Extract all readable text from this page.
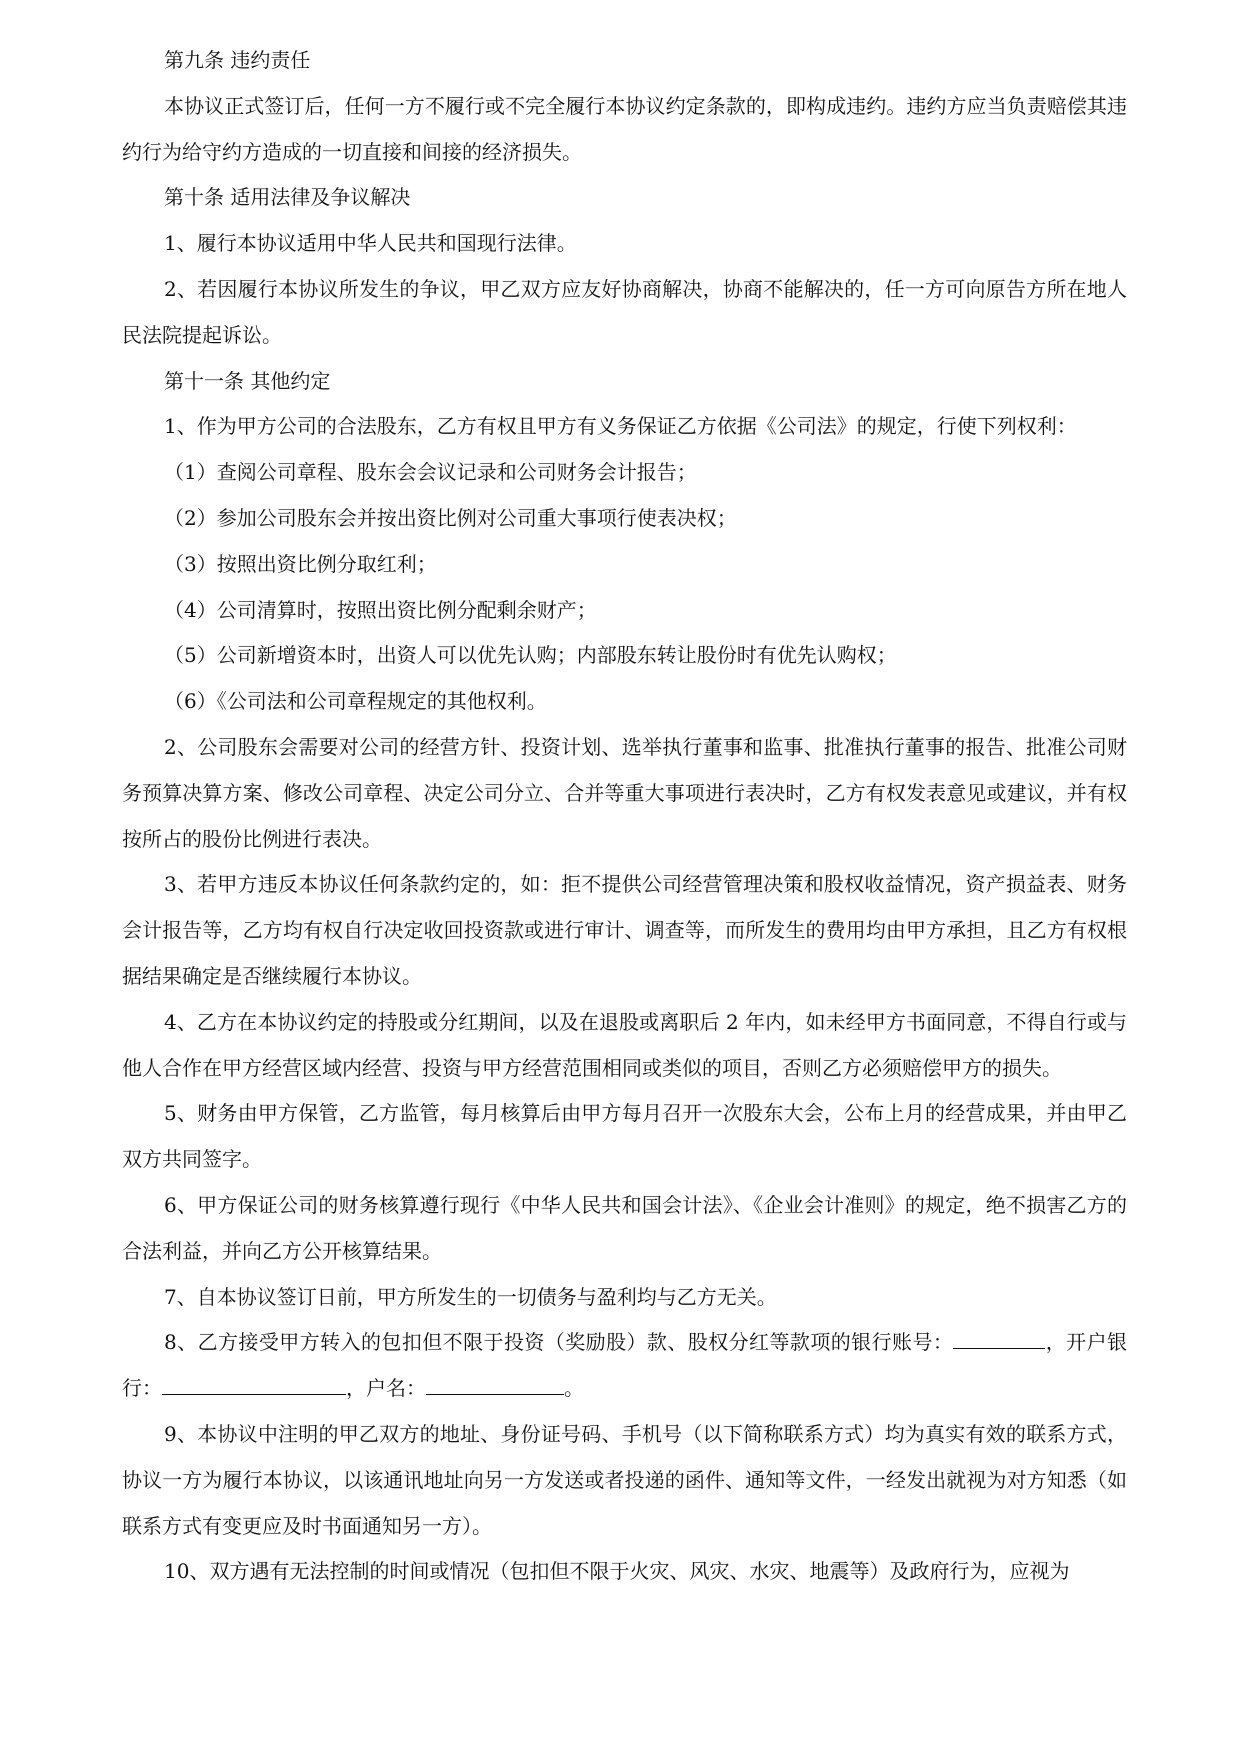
第九条 违约责任

本协议正式签订后，任何一方不履行或不完全履行本协议约定条款的，即构成违约。违约方应当负责赔偿其违约行为给守约方造成的一切直接和间接的经济损失。

第十条 适用法律及争议解决

1、履行本协议适用中华人民共和国现行法律。

2、若因履行本协议所发生的争议，甲乙双方应友好协商解决，协商不能解决的，任一方可向原告方所在地人民法院提起诉讼。

第十一条 其他约定

1、作为甲方公司的合法股东，乙方有权且甲方有义务保证乙方依据《公司法》的规定，行使下列权利：

（1）查阅公司章程、股东会会议记录和公司财务会计报告；

（2）参加公司股东会并按出资比例对公司重大事项行使表决权；

（3）按照出资比例分取红利；

（4）公司清算时，按照出资比例分配剩余财产；

（5）公司新增资本时，出资人可以优先认购；内部股东转让股份时有优先认购权；

（6）《公司法和公司章程规定的其他权利。

2、公司股东会需要对公司的经营方针、投资计划、选举执行董事和监事、批准执行董事的报告、批准公司财务预算决算方案、修改公司章程、决定公司分立、合并等重大事项进行表决时，乙方有权发表意见或建议，并有权按所占的股份比例进行表决。

3、若甲方违反本协议任何条款约定的，如：拒不提供公司经营管理决策和股权收益情况，资产损益表、财务会计报告等，乙方均有权自行决定收回投资款或进行审计、调查等，而所发生的费用均由甲方承担，且乙方有权根据结果确定是否继续履行本协议。

4、乙方在本协议约定的持股或分红期间，以及在退股或离职后 2 年内，如未经甲方书面同意，不得自行或与他人合作在甲方经营区域内经营、投资与甲方经营范围相同或类似的项目，否则乙方必须赔偿甲方的损失。

5、财务由甲方保管，乙方监管，每月核算后由甲方每月召开一次股东大会，公布上月的经营成果，并由甲乙双方共同签字。

6、甲方保证公司的财务核算遵行现行《中华人民共和国会计法》、《企业会计准则》的规定，绝不损害乙方的合法利益，并向乙方公开核算结果。

7、自本协议签订日前，甲方所发生的一切债务与盈利均与乙方无关。

8、乙方接受甲方转入的包扣但不限于投资（奖励股）款、股权分红等款项的银行账号：	，开户银行：	，户名：	。

9、本协议中注明的甲乙双方的地址、身份证号码、手机号（以下简称联系方式）均为真实有效的联系方式，协议一方为履行本协议，以该通讯地址向另一方发送或者投递的函件、通知等文件，一经发出就视为对方知悉（如联系方式有变更应及时书面通知另一方）。

10、双方遇有无法控制的时间或情况（包扣但不限于火灾、风灾、水灾、地震等）及政府行为，应视为
